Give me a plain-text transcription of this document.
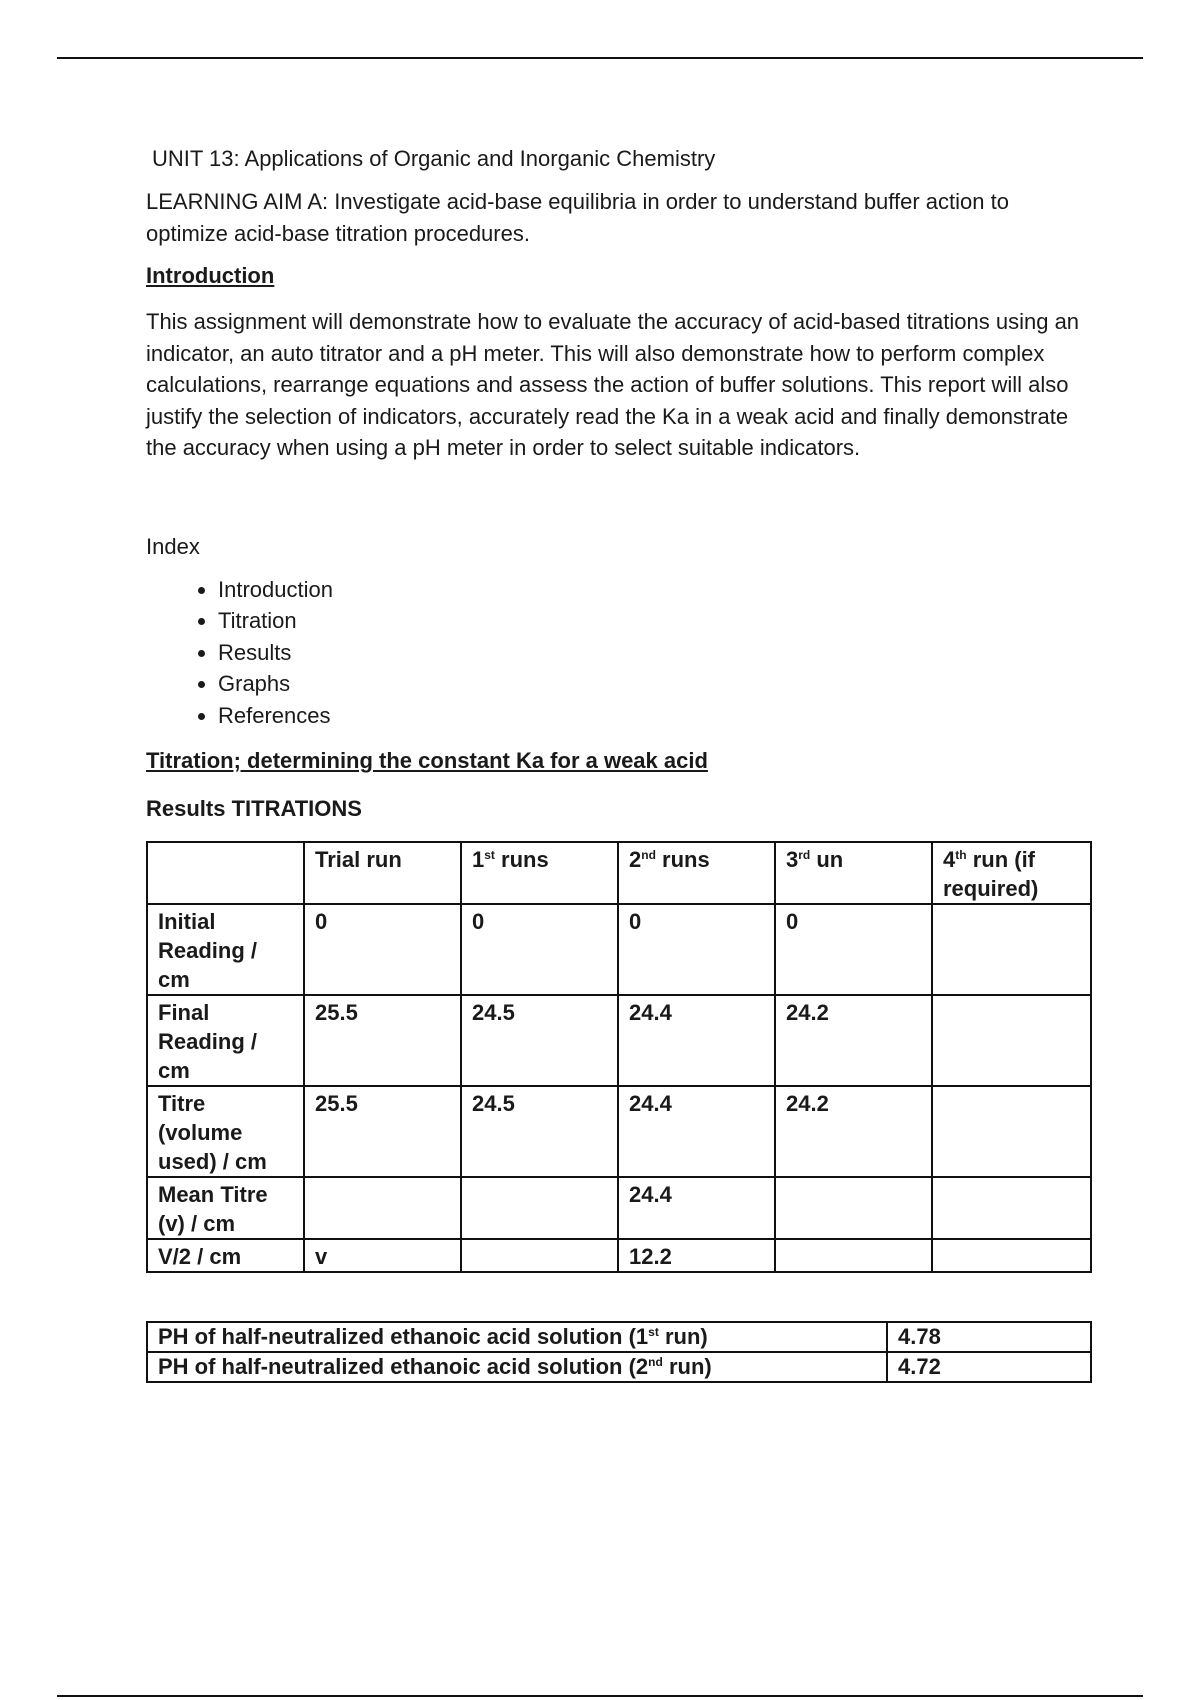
UNIT 13: Applications of Organic and Inorganic Chemistry

LEARNING AIM A: Investigate acid-base equilibria in order to understand buffer action to optimize acid-base titration procedures.

Introduction

This assignment will demonstrate how to evaluate the accuracy of acid-based titrations using an indicator, an auto titrator and a pH meter. This will also demonstrate how to perform complex calculations, rearrange equations and assess the action of buffer solutions. This report will also justify the selection of indicators, accurately read the Ka in a weak acid and finally demonstrate the accuracy when using a pH meter in order to select suitable indicators.

Index

• Introduction
• Titration
• Results
• Graphs
• References

Titration; determining the constant Ka for a weak acid

Results TITRATIONS

	Trial run	1st runs	2nd runs	3rd un	4th run (if required)
Initial Reading / cm	0	0	0	0	
Final Reading / cm	25.5	24.5	24.4	24.2	
Titre (volume used) / cm	25.5	24.5	24.4	24.2	
Mean Titre (v) / cm			24.4		
V/2 / cm	v		12.2		
PH of half-neutralized ethanoic acid solution (1st run)	4.78
PH of half-neutralized ethanoic acid solution (2nd run)	4.72
